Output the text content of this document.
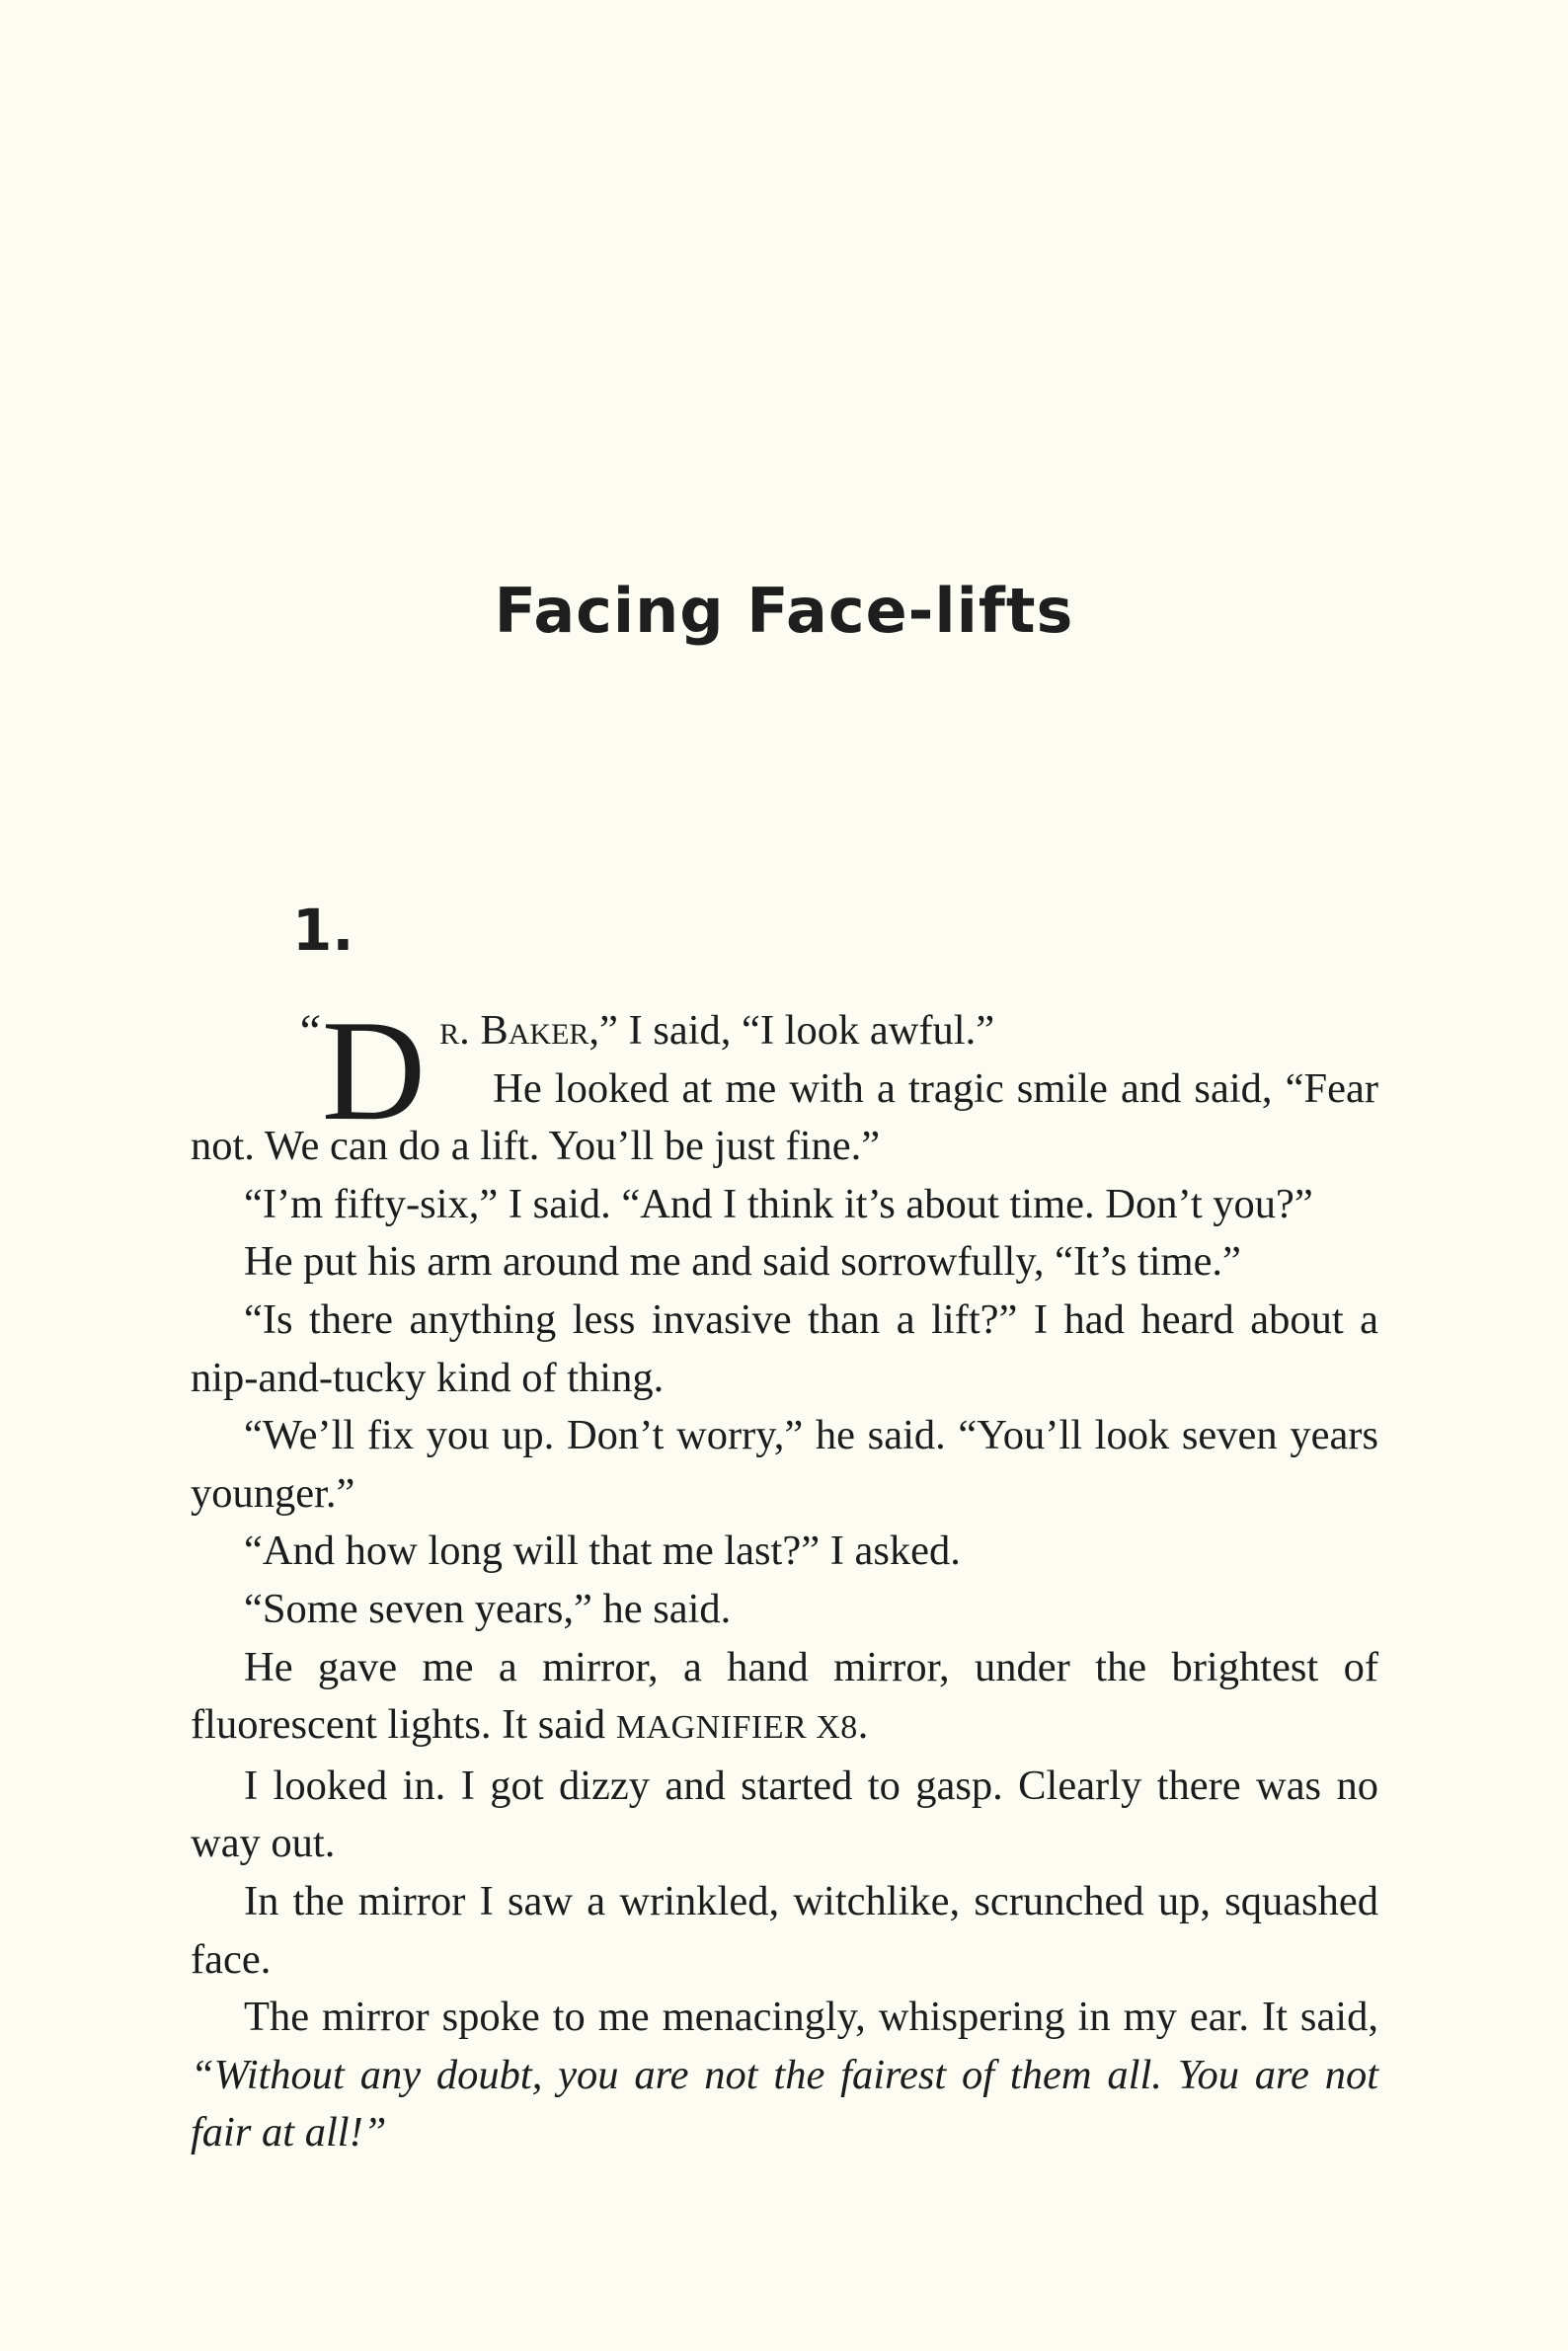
Facing Face-lifts
1.

“D r. Baker,” I said, “I look awful.”

He looked at me with a tragic smile and said, “Fear not. We can do a lift. You’ll be just fine.”

“I’m fifty-six,” I said. “And I think it’s about time. Don’t you?”

He put his arm around me and said sorrowfully, “It’s time.”

“Is there anything less invasive than a lift?” I had heard about a nip-and-tucky kind of thing.

“We’ll fix you up. Don’t worry,” he said. “You’ll look seven years younger.”

“And how long will that me last?” I asked.

“Some seven years,” he said.

He gave me a mirror, a hand mirror, under the brightest of fluorescent lights. It said MAGNIFIER X8.

I looked in. I got dizzy and started to gasp. Clearly there was no way out.

In the mirror I saw a wrinkled, witchlike, scrunched up, squashed face.

The mirror spoke to me menacingly, whispering in my ear. It said, “Without any doubt, you are not the fairest of them all. You are not fair at all!”
